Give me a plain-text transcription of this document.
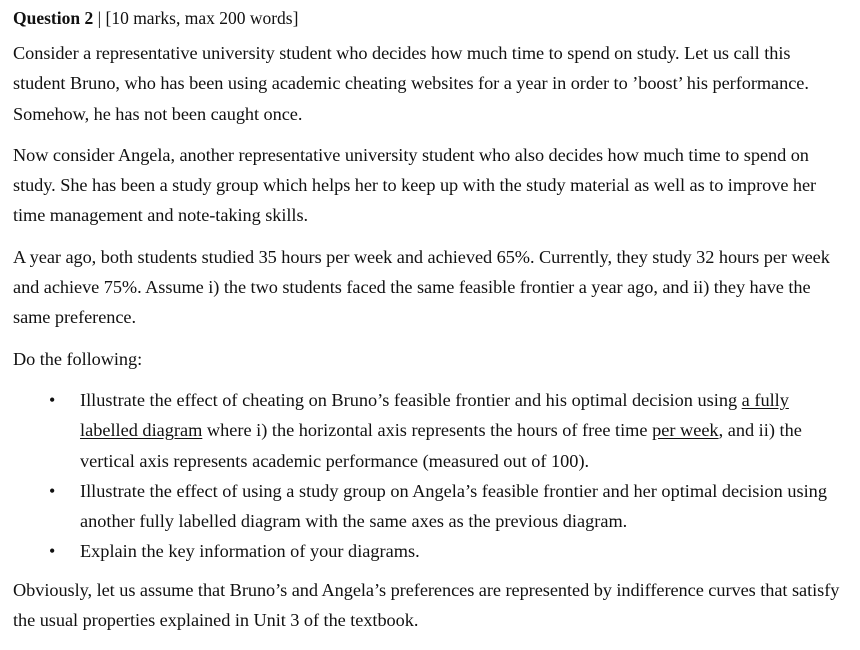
Question 2 | [10 marks, max 200 words]

Consider a representative university student who decides how much time to spend on study. Let us call this student Bruno, who has been using academic cheating websites for a year in order to ’boost’ his performance. Somehow, he has not been caught once.

Now consider Angela, another representative university student who also decides how much time to spend on study. She has been a study group which helps her to keep up with the study material as well as to improve her time management and note-taking skills.

A year ago, both students studied 35 hours per week and achieved 65%. Currently, they study 32 hours per week and achieve 75%. Assume i) the two students faced the same feasible frontier a year ago, and ii) they have the same preference.

Do the following:

• Illustrate the effect of cheating on Bruno’s feasible frontier and his optimal decision using a fully labelled diagram where i) the horizontal axis represents the hours of free time per week, and ii) the vertical axis represents academic performance (measured out of 100).
• Illustrate the effect of using a study group on Angela’s feasible frontier and her optimal decision using another fully labelled diagram with the same axes as the previous diagram.
• Explain the key information of your diagrams.

Obviously, let us assume that Bruno’s and Angela’s preferences are represented by indifference curves that satisfy the usual properties explained in Unit 3 of the textbook.
